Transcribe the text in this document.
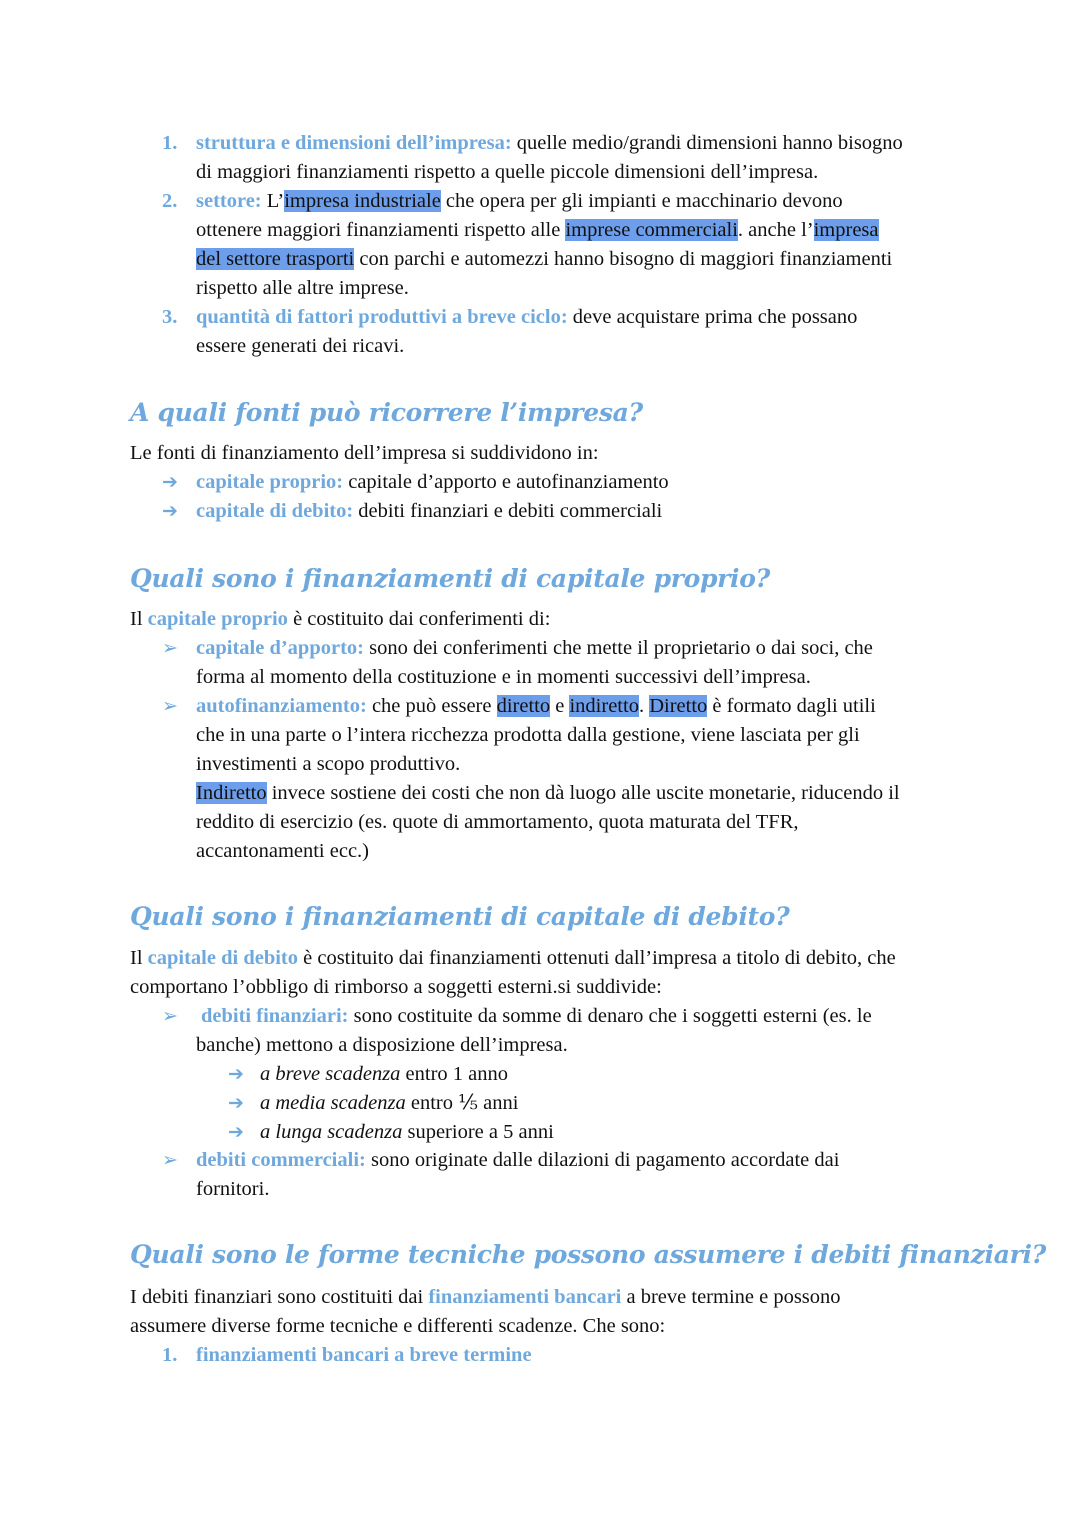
1. struttura e dimensioni dell’impresa: quelle medio/grandi dimensioni hanno bisogno
di maggiori finanziamenti rispetto a quelle piccole dimensioni dell’impresa.
2. settore: L’impresa industriale che opera per gli impianti e macchinario devono
ottenere maggiori finanziamenti rispetto alle imprese commerciali. anche l’impresa
del settore trasporti con parchi e automezzi hanno bisogno di maggiori finanziamenti
rispetto alle altre imprese.
3. quantità di fattori produttivi a breve ciclo: deve acquistare prima che possano
essere generati dei ricavi.
A quali fonti può ricorrere l’impresa?
Le fonti di finanziamento dell’impresa si suddividono in:
➔ capitale proprio: capitale d’apporto e autofinanziamento
➔ capitale di debito: debiti finanziari e debiti commerciali
Quali sono i finanziamenti di capitale proprio?
Il capitale proprio è costituito dai conferimenti di:
➢ capitale d’apporto: sono dei conferimenti che mette il proprietario o dai soci, che
forma al momento della costituzione e in momenti successivi dell’impresa.
➢ autofinanziamento: che può essere diretto e indiretto. Diretto è formato dagli utili
che in una parte o l’intera ricchezza prodotta dalla gestione, viene lasciata per gli
investimenti a scopo produttivo.
Indiretto invece sostiene dei costi che non dà luogo alle uscite monetarie, riducendo il
reddito di esercizio (es. quote di ammortamento, quota maturata del TFR,
accantonamenti ecc.)
Quali sono i finanziamenti di capitale di debito?
Il capitale di debito è costituito dai finanziamenti ottenuti dall’impresa a titolo di debito, che
comportano l’obbligo di rimborso a soggetti esterni.si suddivide:
➢ debiti finanziari: sono costituite da somme di denaro che i soggetti esterni (es. le
banche) mettono a disposizione dell’impresa.
➔ a breve scadenza entro 1 anno
➔ a media scadenza entro ⅕ anni
➔ a lunga scadenza superiore a 5 anni
➢ debiti commerciali: sono originate dalle dilazioni di pagamento accordate dai
fornitori.
Quali sono le forme tecniche possono assumere i debiti finanziari?
I debiti finanziari sono costituiti dai finanziamenti bancari a breve termine e possono
assumere diverse forme tecniche e differenti scadenze. Che sono:
1. finanziamenti bancari a breve termine
